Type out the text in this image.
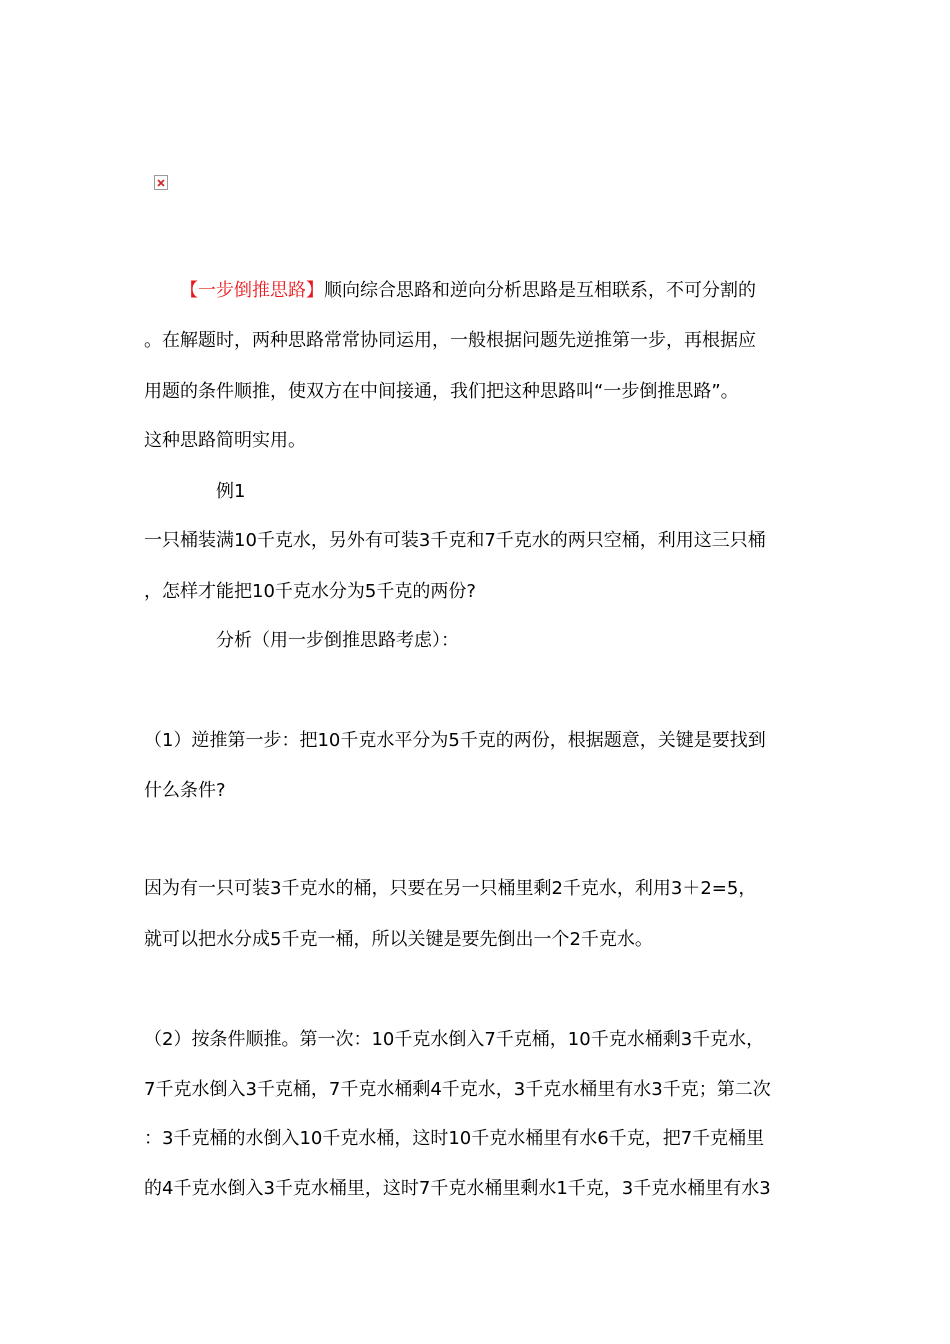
【一步倒推思路】顺向综合思路和逆向分析思路是互相联系，不可分割的

。在解题时，两种思路常常协同运用，一般根据问题先逆推第一步，再根据应

用题的条件顺推，使双方在中间接通，我们把这种思路叫“一步倒推思路”。

这种思路简明实用。

例1

一只桶装满10千克水，另外有可装3千克和7千克水的两只空桶，利用这三只桶

，怎样才能把10千克水分为5千克的两份?

分析（用一步倒推思路考虑）：

（1）逆推第一步：把10千克水平分为5千克的两份，根据题意，关键是要找到

什么条件?

因为有一只可装3千克水的桶，只要在另一只桶里剩2千克水，利用3＋2=5，

就可以把水分成5千克一桶，所以关键是要先倒出一个2千克水。

（2）按条件顺推。第一次：10千克水倒入7千克桶，10千克水桶剩3千克水，

7千克水倒入3千克桶，7千克水桶剩4千克水，3千克水桶里有水3千克；第二次

：3千克桶的水倒入10千克水桶，这时10千克水桶里有水6千克，把7千克桶里

的4千克水倒入3千克水桶里，这时7千克水桶里剩水1千克，3千克水桶里有水3
